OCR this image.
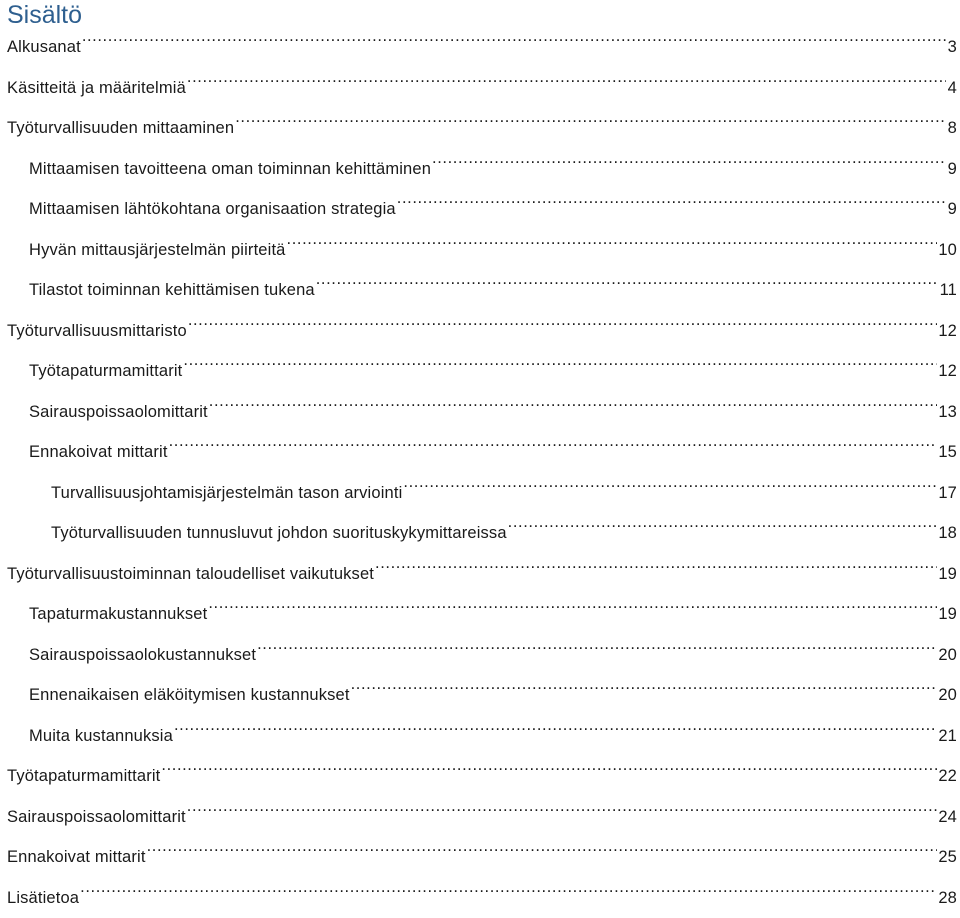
Sisältö
Alkusanat .....	3
Käsitteitä ja määritelmiä .....	4
Työturvallisuuden mittaaminen .....	8
Mittaamisen tavoitteena oman toiminnan kehittäminen .....	9
Mittaamisen lähtökohtana organisaation strategia .....	9
Hyvän mittausjärjestelmän piirteitä .....	10
Tilastot toiminnan kehittämisen tukena .....	11
Työturvallisuusmittaristo .....	12
Työtapaturmamittarit .....	12
Sairauspoissaolomittarit .....	13
Ennakoivat mittarit .....	15
Turvallisuusjohtamisjärjestelmän tason arviointi .....	17
Työturvallisuuden tunnusluvut johdon suorituskykymittareissa .....	18
Työturvallisuustoiminnan taloudelliset vaikutukset .....	19
Tapaturmakustannukset .....	19
Sairauspoissaolokustannukset .....	20
Ennenaikaisen eläköitymisen kustannukset .....	20
Muita kustannuksia .....	21
Työtapaturmamittarit .....	22
Sairauspoissaolomittarit .....	24
Ennakoivat mittarit .....	25
Lisätietoa .....	28
